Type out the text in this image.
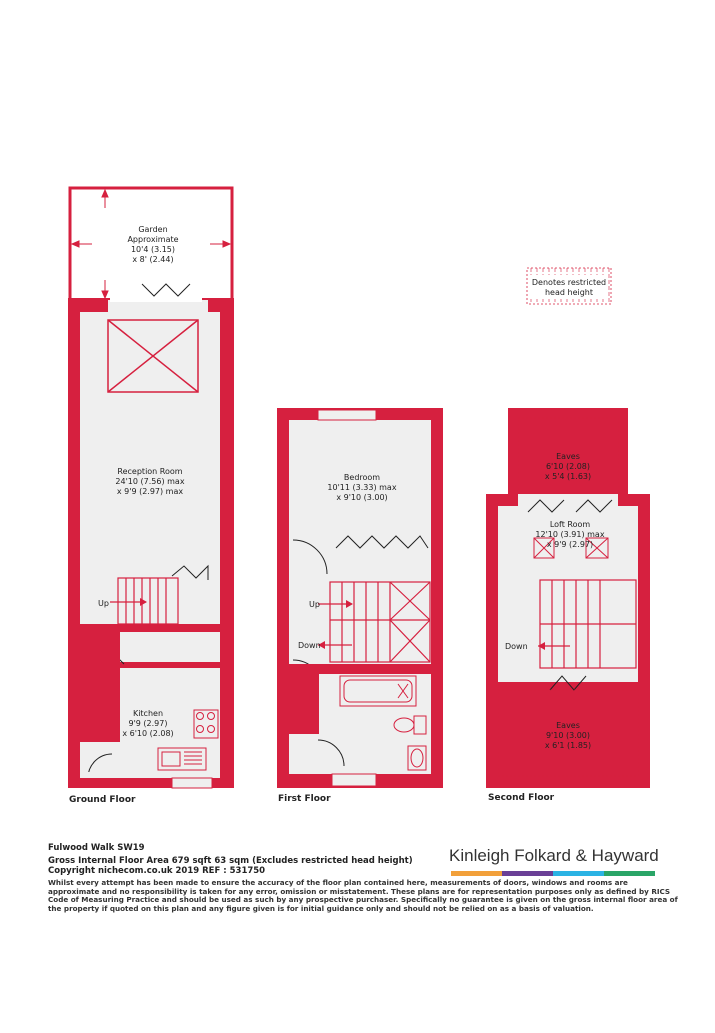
Garden
Approximate
10'4 (3.15)
x 8' (2.44)
Reception Room
24'10 (7.56) max
x 9'9 (2.97) max
Up
Kitchen
9'9 (2.97)
x 6'10 (2.08)
Bedroom
10'11 (3.33) max
x 9'10 (3.00)
Up
Down
Eaves
6'10 (2.08)
x 5'4 (1.63)
Loft Room
12'10 (3.91) max
x 9'9 (2.97)
Down
Eaves
9'10 (3.00)
x 6'1 (1.85)
Denotes restricted
head height
Ground Floor	First Floor	Second Floor
Fulwood Walk SW19
Gross Internal Floor Area 679 sqft 63 sqm (Excludes restricted head height)
Copyright nichecom.co.uk 2019 REF : 531750
Whilst every attempt has been made to ensure the accuracy of the floor plan contained here, measurements of doors, windows and rooms are approximate and no responsibility is taken for any error, omission or misstatement. These plans are for representation purposes only as defined by RICS Code of Measuring Practice and should be used as such by any prospective purchaser. Specifically no guarantee is given on the gross internal floor area of the property if quoted on this plan and any figure given is for initial guidance only and should not be relied on as a basis of valuation.
Kinleigh Folkard & Hayward
